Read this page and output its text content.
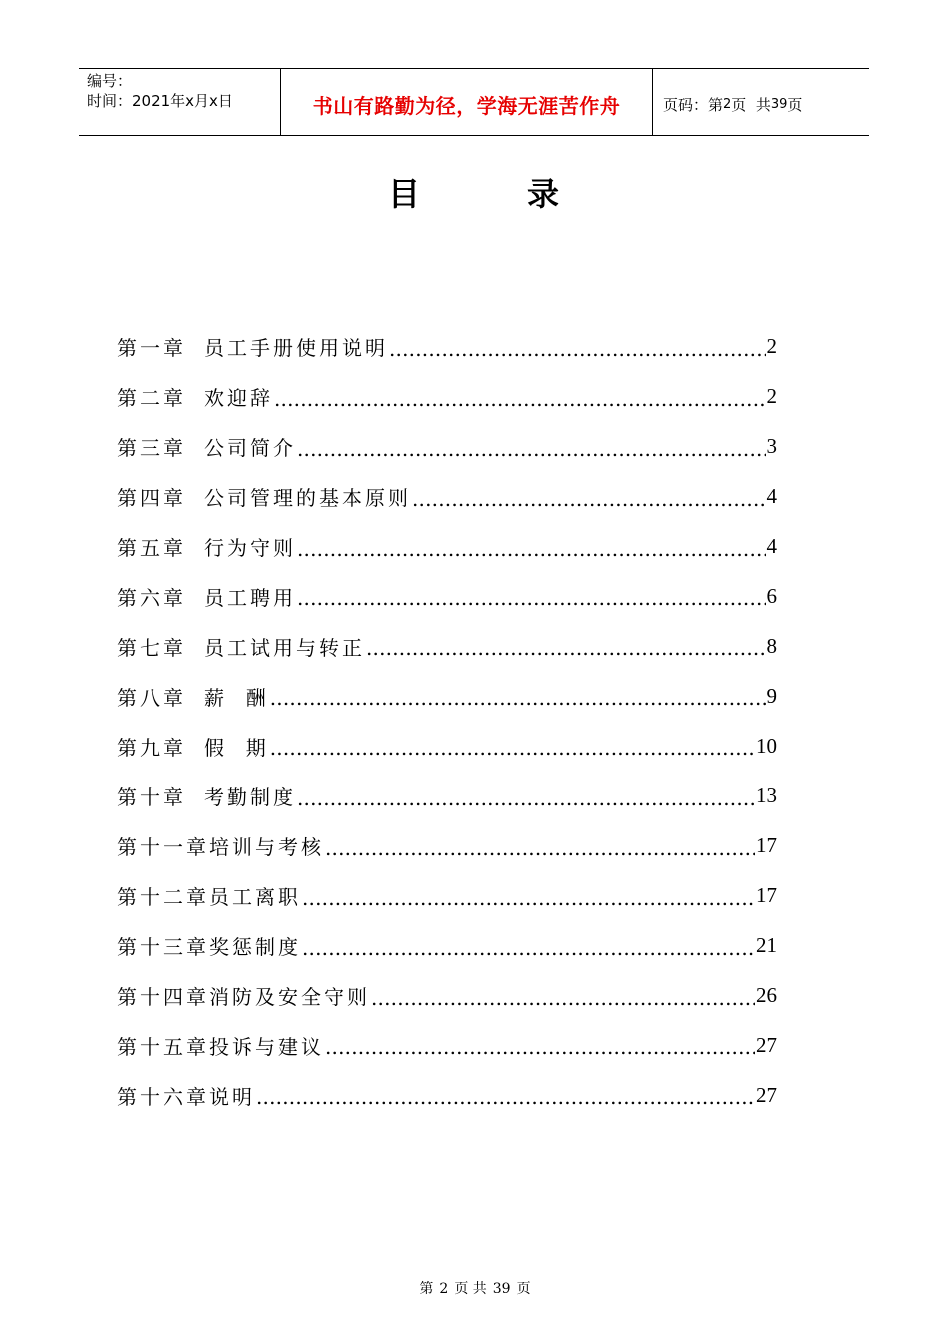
编号：
时间：2021年x月x日	书山有路勤为径，学海无涯苦作舟	页码：第 2 页  共 39 页
目	录
第一章 员工手册使用说明 .....	2
第二章 欢迎辞 .....	2
第三章 公司简介 .....	3
第四章 公司管理的基本原则 .....	4
第五章 行为守则 .....	4
第六章 员工聘用 .....	6
第七章 员工试用与转正 .....	8
第八章 薪  酬 .....	9
第九章 假  期 .....	10
第十章 考勤制度 .....	13
第十一章 培训与考核 .....	17
第十二章 员工离职 .....	17
第十三章 奖惩制度 .....	21
第十四章 消防及安全守则 .....	26
第十五章 投诉与建议 .....	27
第十六章 说明 .....	27
第 2 页 共 39 页
